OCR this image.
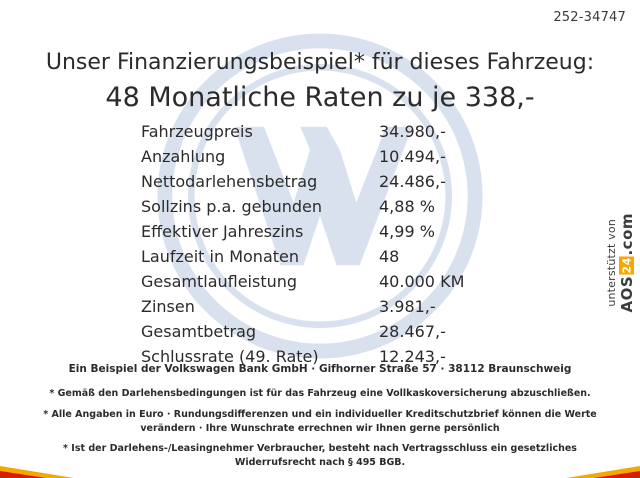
252-34747
Unser Finanzierungsbeispiel* für dieses Fahrzeug:
48 Monatliche Raten zu je 338,-
Fahrzeugpreis	34.980,-
Anzahlung	10.494,-
Nettodarlehensbetrag	24.486,-
Sollzins p.a. gebunden	4,88 %
Effektiver Jahreszins	4,99 %
Laufzeit in Monaten	48
Gesamtlaufleistung	40.000 KM
Zinsen	3.981,-
Gesamtbetrag	28.467,-
Schlussrate (49. Rate)	12.243,-
Ein Beispiel der Volkswagen Bank GmbH · Gifhorner Straße 57 · 38112 Braunschweig
* Gemäß den Darlehensbedingungen ist für das Fahrzeug eine Vollkaskoversicherung abzuschließen.
* Alle Angaben in Euro · Rundungsdifferenzen und ein individueller Kreditschutzbrief können die Werte verändern · Ihre Wunschrate errechnen wir Ihnen gerne persönlich
* Ist der Darlehens-/Leasingnehmer Verbraucher, besteht nach Vertragsschluss ein gesetzliches Widerrufsrecht nach § 495 BGB.
unterstützt von AOS
24
.com
